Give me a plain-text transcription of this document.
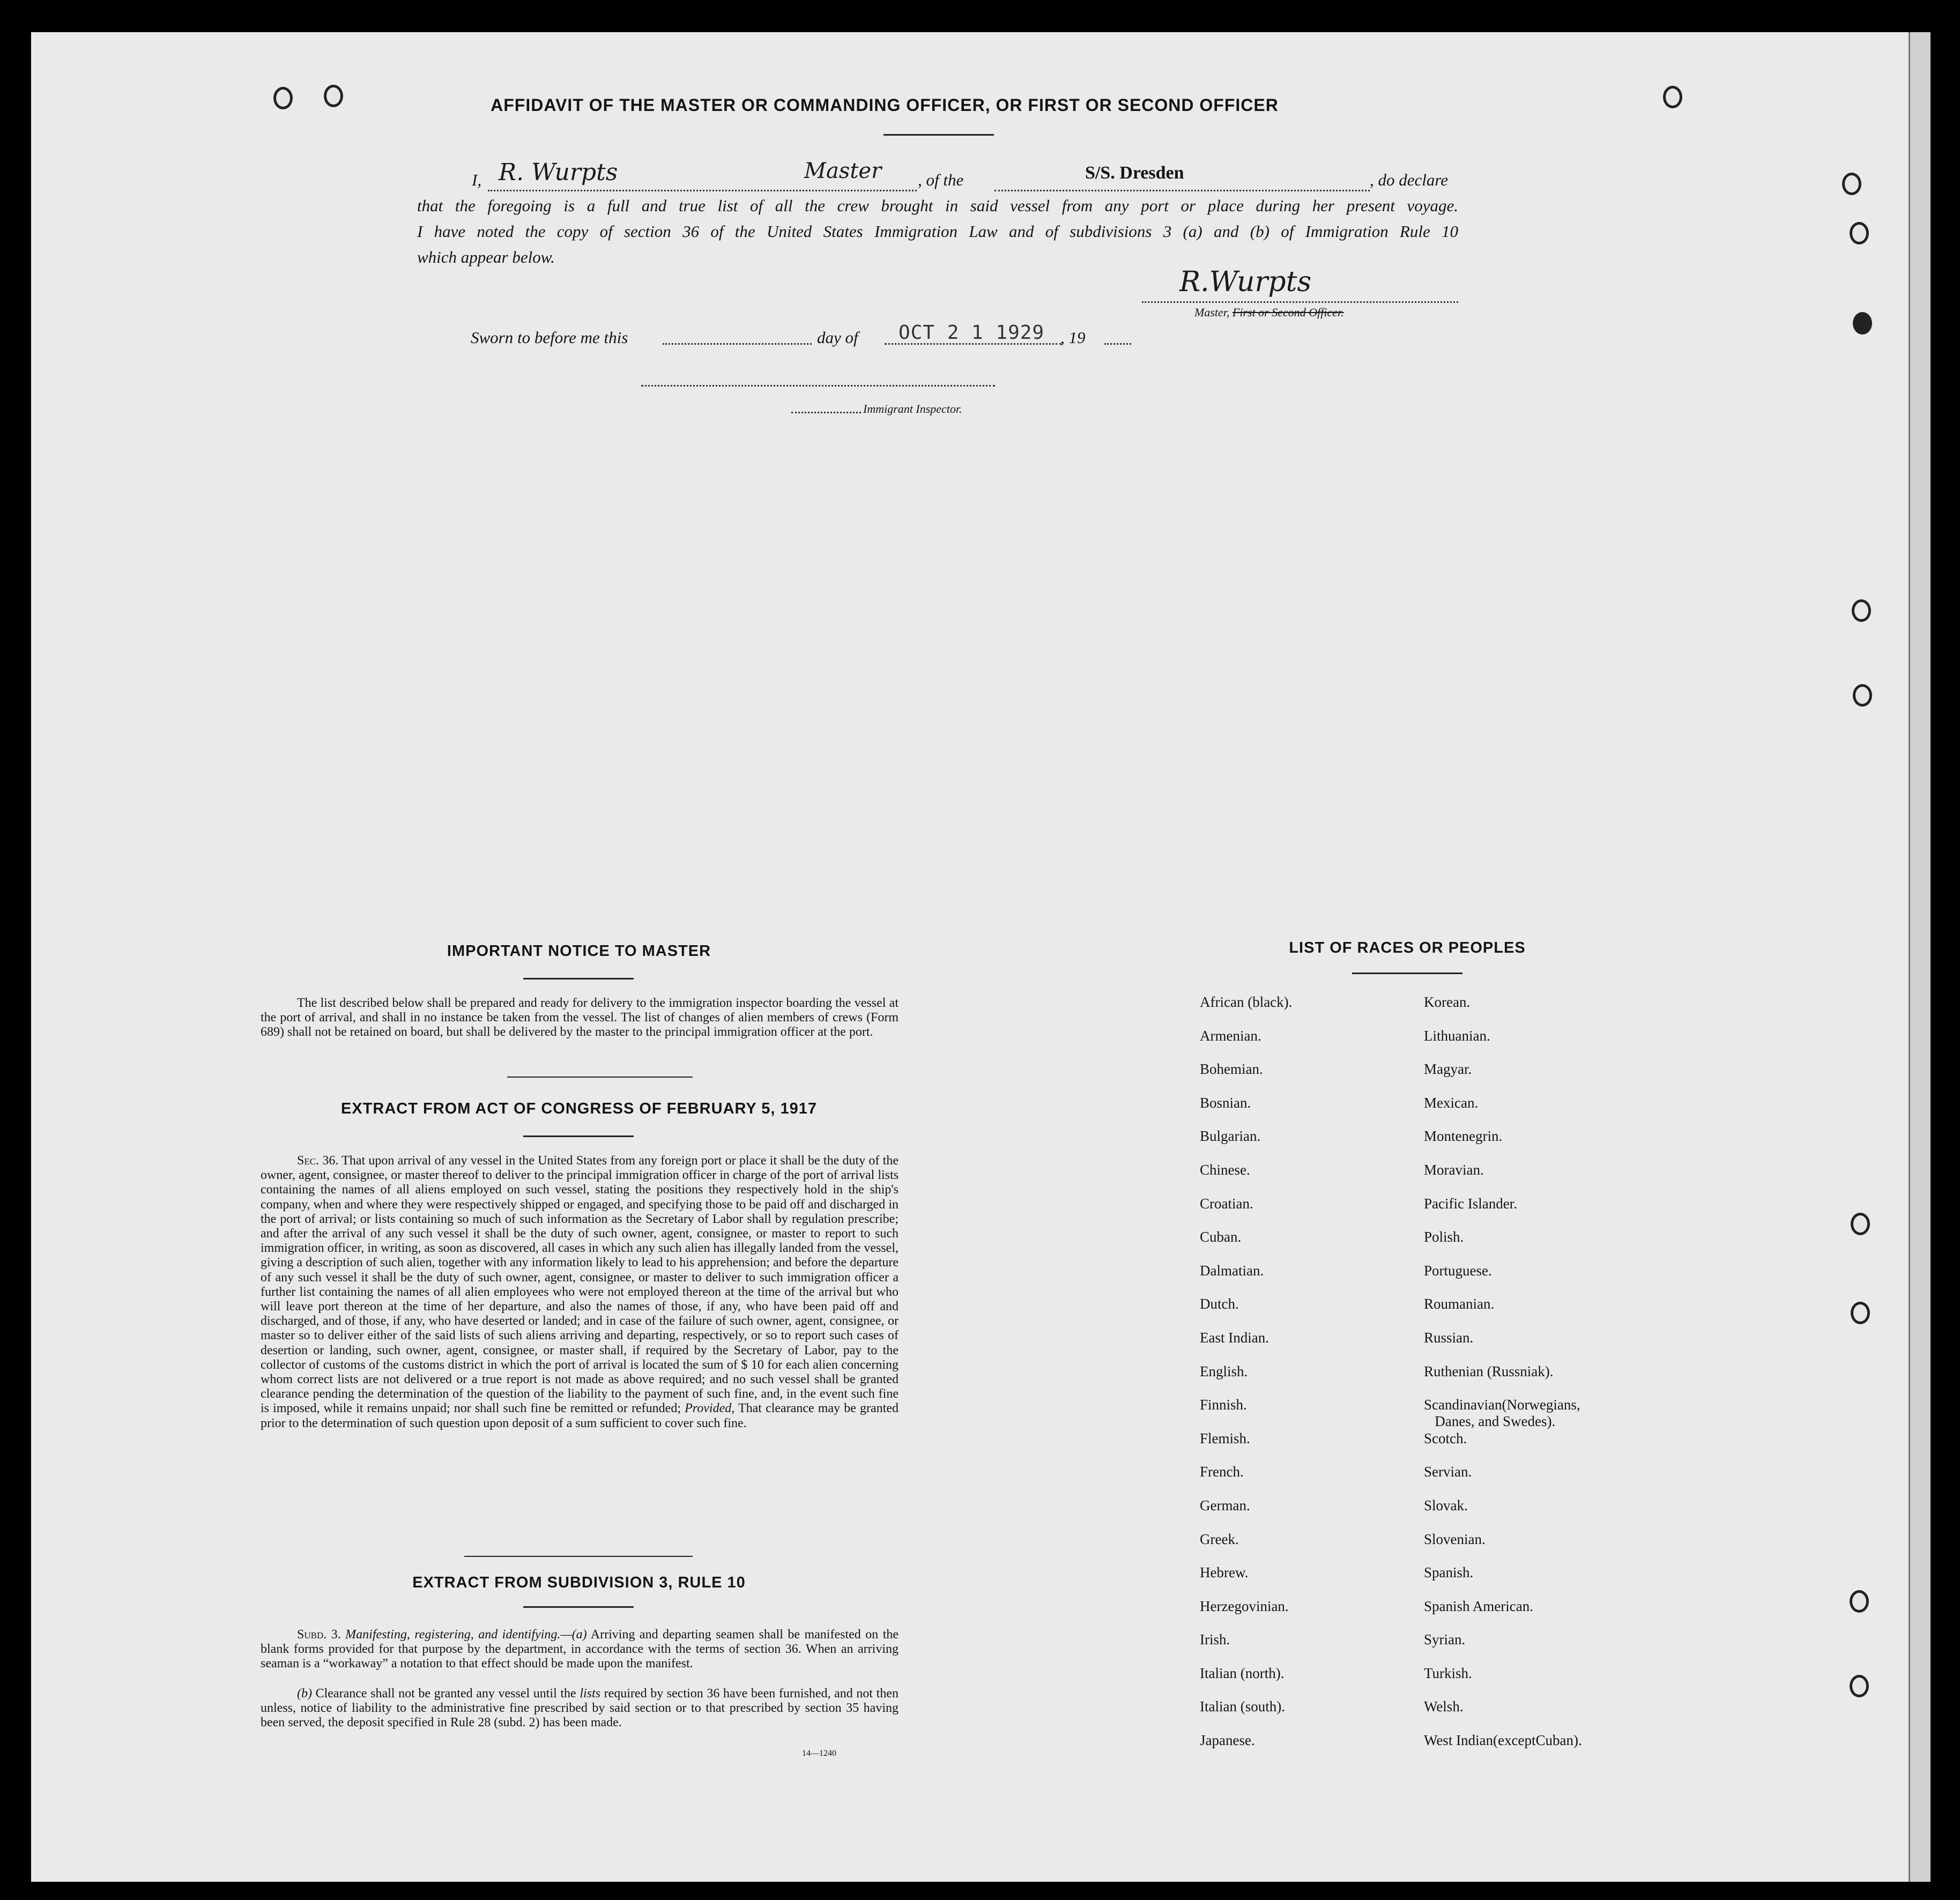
AFFIDAVIT OF THE MASTER OR COMMANDING OFFICER, OR FIRST OR SECOND OFFICER
I, R. Wurpts	Master , of the	S/S. Dresden	, do declare
that the foregoing is a full and true list of all the crew brought in said vessel from any port or place during her present voyage.
I have noted the copy of section 36 of the United States Immigration Law and of subdivisions 3 (a) and (b) of Immigration Rule 10
which appear below.
R.Wurpts
Master, First or Second Officer.
Sworn to before me this	day of OCT 2 1 1929 , 19
Immigrant Inspector.
IMPORTANT NOTICE TO MASTER
The list described below shall be prepared and ready for delivery to the immigration inspector boarding the vessel at the port of arrival, and shall in no instance be taken from the vessel. The list of changes of alien members of crews (Form 689) shall not be retained on board, but shall be delivered by the master to the principal immigration officer at the port.
EXTRACT FROM ACT OF CONGRESS OF FEBRUARY 5, 1917
Sec. 36. That upon arrival of any vessel in the United States from any foreign port or place it shall be the duty of the owner, agent, consignee, or master thereof to deliver to the principal immigration officer in charge of the port of arrival lists containing the names of all aliens employed on such vessel, stating the positions they respectively hold in the ship's company, when and where they were respectively shipped or engaged, and specifying those to be paid off and discharged in the port of arrival; or lists containing so much of such information as the Secretary of Labor shall by regulation prescribe; and after the arrival of any such vessel it shall be the duty of such owner, agent, consignee, or master to report to such immigration officer, in writing, as soon as discovered, all cases in which any such alien has illegally landed from the vessel, giving a description of such alien, together with any information likely to lead to his apprehension; and before the departure of any such vessel it shall be the duty of such owner, agent, consignee, or master to deliver to such immigration officer a further list containing the names of all alien employees who were not employed thereon at the time of the arrival but who will leave port thereon at the time of her departure, and also the names of those, if any, who have been paid off and discharged, and of those, if any, who have deserted or landed; and in case of the failure of such owner, agent, consignee, or master so to deliver either of the said lists of such aliens arriving and departing, respectively, or so to report such cases of desertion or landing, such owner, agent, consignee, or master shall, if required by the Secretary of Labor, pay to the collector of customs of the customs district in which the port of arrival is located the sum of $ 10 for each alien concerning whom correct lists are not delivered or a true report is not made as above required; and no such vessel shall be granted clearance pending the determination of the question of the liability to the payment of such fine, and, in the event such fine is imposed, while it remains unpaid; nor shall such fine be remitted or refunded; Provided, That clearance may be granted prior to the determination of such question upon deposit of a sum sufficient to cover such fine.
EXTRACT FROM SUBDIVISION 3, RULE 10
Subd. 3. Manifesting, registering, and identifying.—(a) Arriving and departing seamen shall be manifested on the blank forms provided for that purpose by the department, in accordance with the terms of section 36. When an arriving seaman is a “workaway” a notation to that effect should be made upon the manifest.
(b) Clearance shall not be granted any vessel until the lists required by section 36 have been furnished, and not then unless, notice of liability to the administrative fine prescribed by said section or to that prescribed by section 35 having been served, the deposit specified in Rule 28 (subd. 2) has been made.
14—1240
LIST OF RACES OR PEOPLES
African (black).
Armenian.
Bohemian.
Bosnian.
Bulgarian.
Chinese.
Croatian.
Cuban.
Dalmatian.
Dutch.
East Indian.
English.
Finnish.
Flemish.
French.
German.
Greek.
Hebrew.
Herzegovinian.
Irish.
Italian (north).
Italian (south).
Japanese.
Korean.
Lithuanian.
Magyar.
Mexican.
Montenegrin.
Moravian.
Pacific Islander.
Polish.
Portuguese.
Roumanian.
Russian.
Ruthenian (Russniak).
Scandinavian(Norwegians,
Danes, and Swedes).
Scotch.
Servian.
Slovak.
Slovenian.
Spanish.
Spanish American.
Syrian.
Turkish.
Welsh.
West Indian(exceptCuban).
